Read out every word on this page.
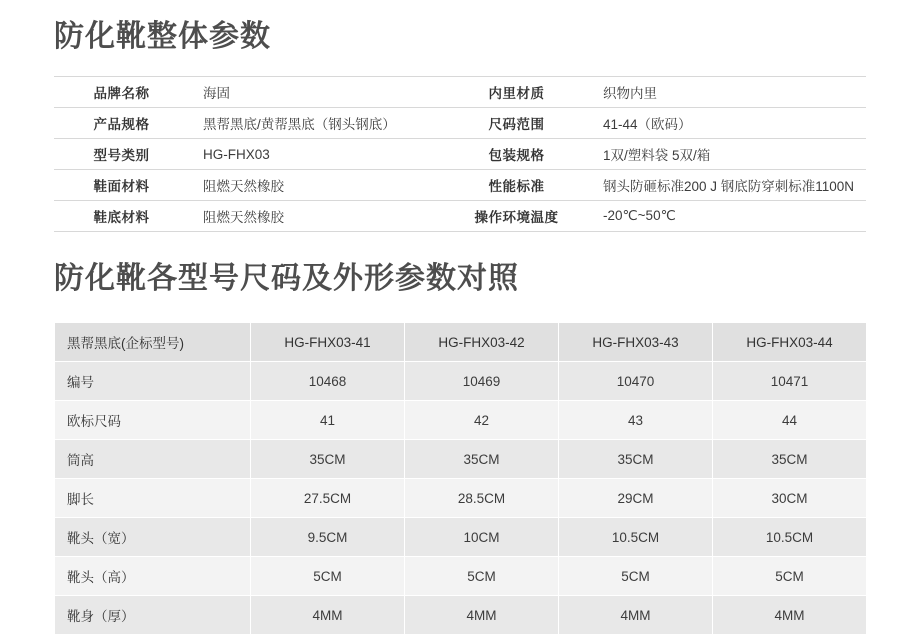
防化靴整体参数
品牌名称	海固	内里材质	织物内里
产品规格	黑帮黑底/黄帮黑底（钢头钢底）	尺码范围	41-44（欧码）
型号类别	HG-FHX03	包装规格	1双/塑料袋 5双/箱
鞋面材料	阻燃天然橡胶	性能标准	钢头防砸标准200 J 钢底防穿刺标准1100N
鞋底材料	阻燃天然橡胶	操作环境温度	-20℃~50℃
防化靴各型号尺码及外形参数对照
黑帮黑底(企标型号)	HG-FHX03-41	HG-FHX03-42	HG-FHX03-43	HG-FHX03-44
编号	10468	10469	10470	10471
欧标尺码	41	42	43	44
筒高	35CM	35CM	35CM	35CM
脚长	27.5CM	28.5CM	29CM	30CM
靴头（宽）	9.5CM	10CM	10.5CM	10.5CM
靴头（高）	5CM	5CM	5CM	5CM
靴身（厚）	4MM	4MM	4MM	4MM
